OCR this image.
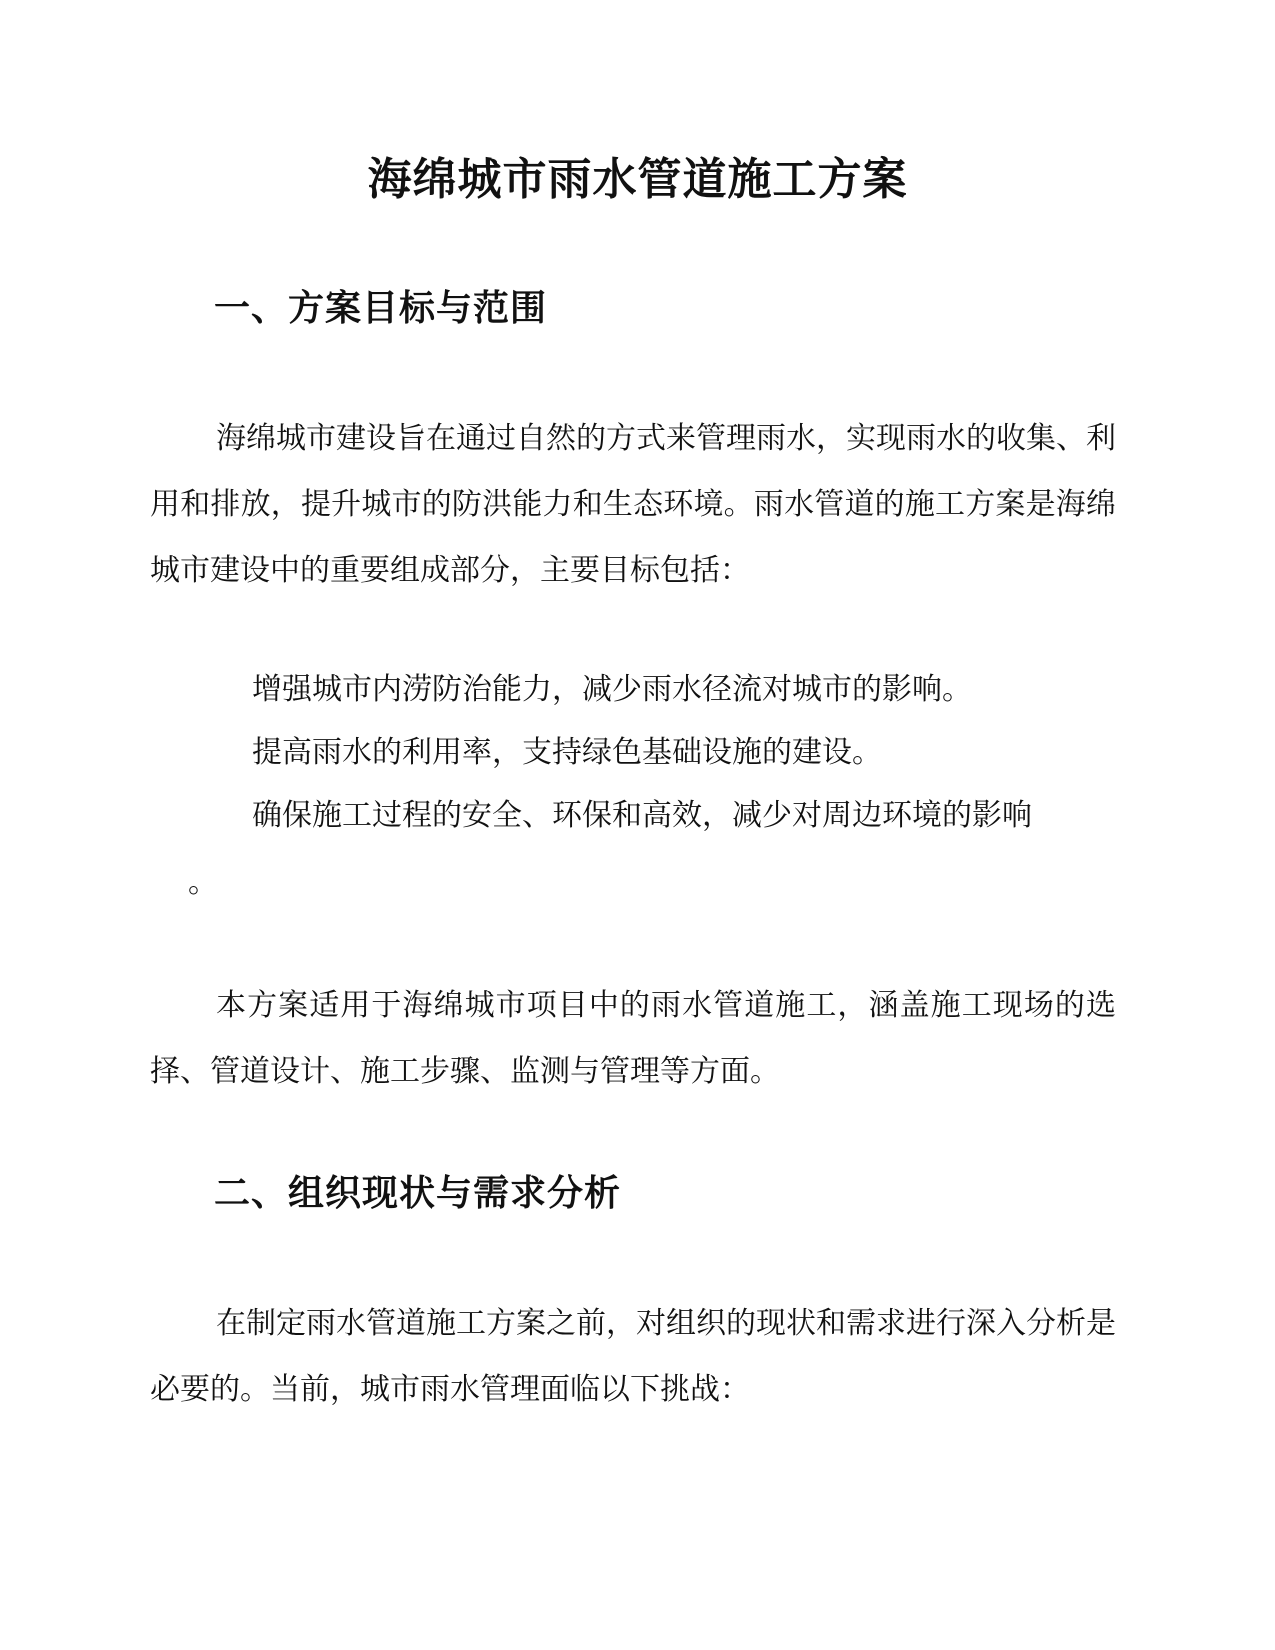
海绵城市雨水管道施工方案
一、方案目标与范围

海绵城市建设旨在通过自然的方式来管理雨水，实现雨水的收集、利用和排放，提升城市的防洪能力和生态环境。雨水管道的施工方案是海绵城市建设中的重要组成部分，主要目标包括：

增强城市内涝防治能力，减少雨水径流对城市的影响。

提高雨水的利用率，支持绿色基础设施的建设。

确保施工过程的安全、环保和高效，减少对周边环境的影响

。

本方案适用于海绵城市项目中的雨水管道施工，涵盖施工现场的选择、管道设计、施工步骤、监测与管理等方面。

二、组织现状与需求分析

在制定雨水管道施工方案之前，对组织的现状和需求进行深入分析是必要的。当前，城市雨水管理面临以下挑战：
